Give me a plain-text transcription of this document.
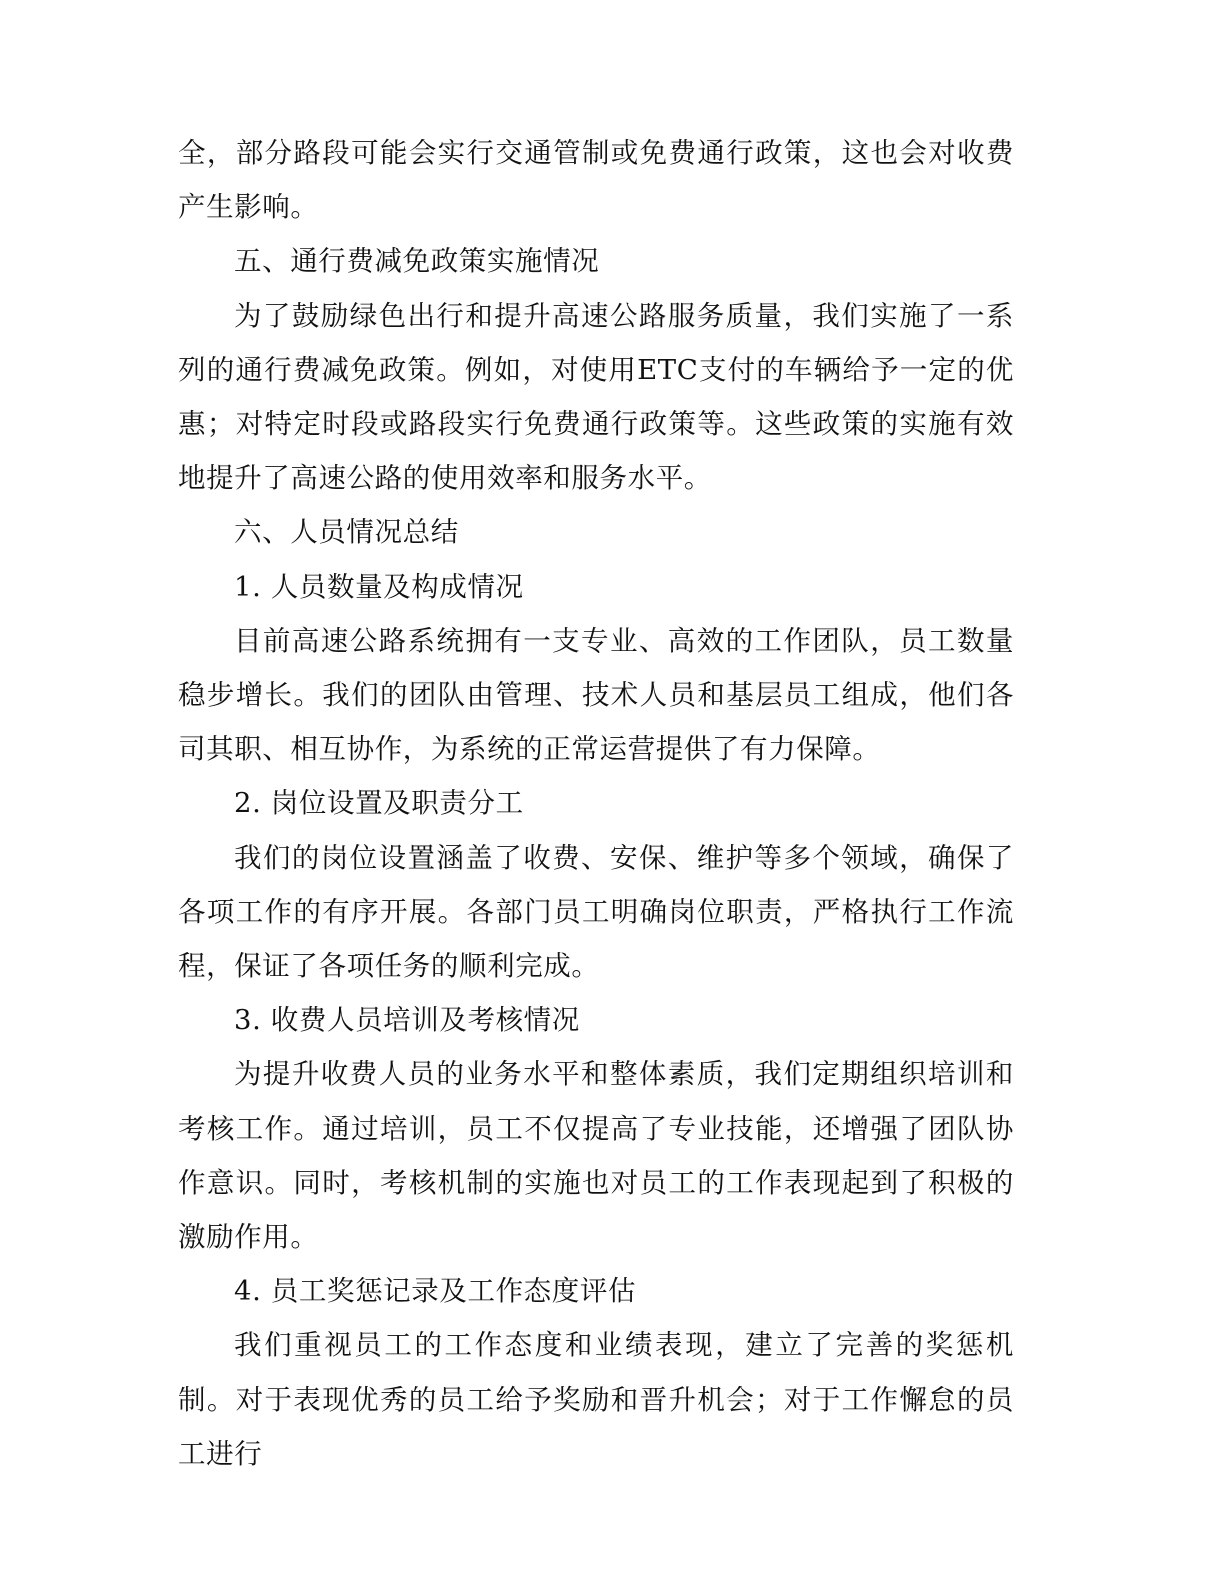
全，部分路段可能会实行交通管制或免费通行政策，这也会对收费产生影响。

五、通行费减免政策实施情况

为了鼓励绿色出行和提升高速公路服务质量，我们实施了一系列的通行费减免政策。例如，对使用ETC支付的车辆给予一定的优惠；对特定时段或路段实行免费通行政策等。这些政策的实施有效地提升了高速公路的使用效率和服务水平。

六、人员情况总结

1. 人员数量及构成情况

目前高速公路系统拥有一支专业、高效的工作团队，员工数量稳步增长。我们的团队由管理、技术人员和基层员工组成，他们各司其职、相互协作，为系统的正常运营提供了有力保障。

2. 岗位设置及职责分工

我们的岗位设置涵盖了收费、安保、维护等多个领域，确保了各项工作的有序开展。各部门员工明确岗位职责，严格执行工作流程，保证了各项任务的顺利完成。

3. 收费人员培训及考核情况

为提升收费人员的业务水平和整体素质，我们定期组织培训和考核工作。通过培训，员工不仅提高了专业技能，还增强了团队协作意识。同时，考核机制的实施也对员工的工作表现起到了积极的激励作用。

4. 员工奖惩记录及工作态度评估

我们重视员工的工作态度和业绩表现，建立了完善的奖惩机制。对于表现优秀的员工给予奖励和晋升机会；对于工作懈怠的员工进行
